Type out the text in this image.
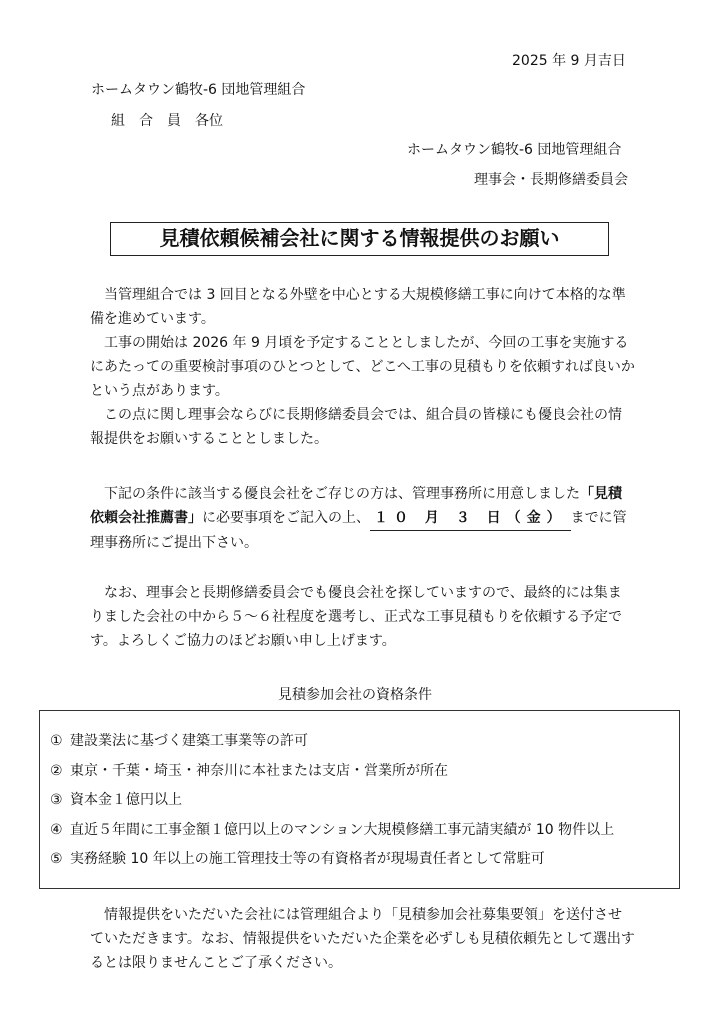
2025 年 9 月吉日
ホームタウン鶴牧-6 団地管理組合
組　合　員　各位
ホームタウン鶴牧-6 団地管理組合
理事会・長期修繕委員会
見積依頼候補会社に関する情報提供のお願い

当管理組合では 3 回目となる外壁を中心とする大規模修繕工事に向けて本格的な準備を進めています。

工事の開始は 2026 年 9 月頃を予定することとしましたが、今回の工事を実施するにあたっての重要検討事項のひとつとして、どこへ工事の見積もりを依頼すれば良いかという点があります。

この点に関し理事会ならびに長期修繕委員会では、組合員の皆様にも優良会社の情報提供をお願いすることとしました。

下記の条件に該当する優良会社をご存じの方は、管理事務所に用意しました「見積依頼会社推薦書」に必要事項をご記入の上、 １０ 月 ３ 日（金） までに管理事務所にご提出下さい。

なお、理事会と長期修繕委員会でも優良会社を探していますので、最終的には集まりました会社の中から５～６社程度を選考し、正式な工事見積もりを依頼する予定です。よろしくご協力のほどお願い申し上げます。

見積参加会社の資格条件
① 建設業法に基づく建築工事業等の許可
② 東京・千葉・埼玉・神奈川に本社または支店・営業所が所在
③ 資本金１億円以上
④ 直近５年間に工事金額１億円以上のマンション大規模修繕工事元請実績が 10 物件以上
⑤ 実務経験 10 年以上の施工管理技士等の有資格者が現場責任者として常駐可

情報提供をいただいた会社には管理組合より「見積参加会社募集要領」を送付させていただきます。なお、情報提供をいただいた企業を必ずしも見積依頼先として選出するとは限りませんことご了承ください。
